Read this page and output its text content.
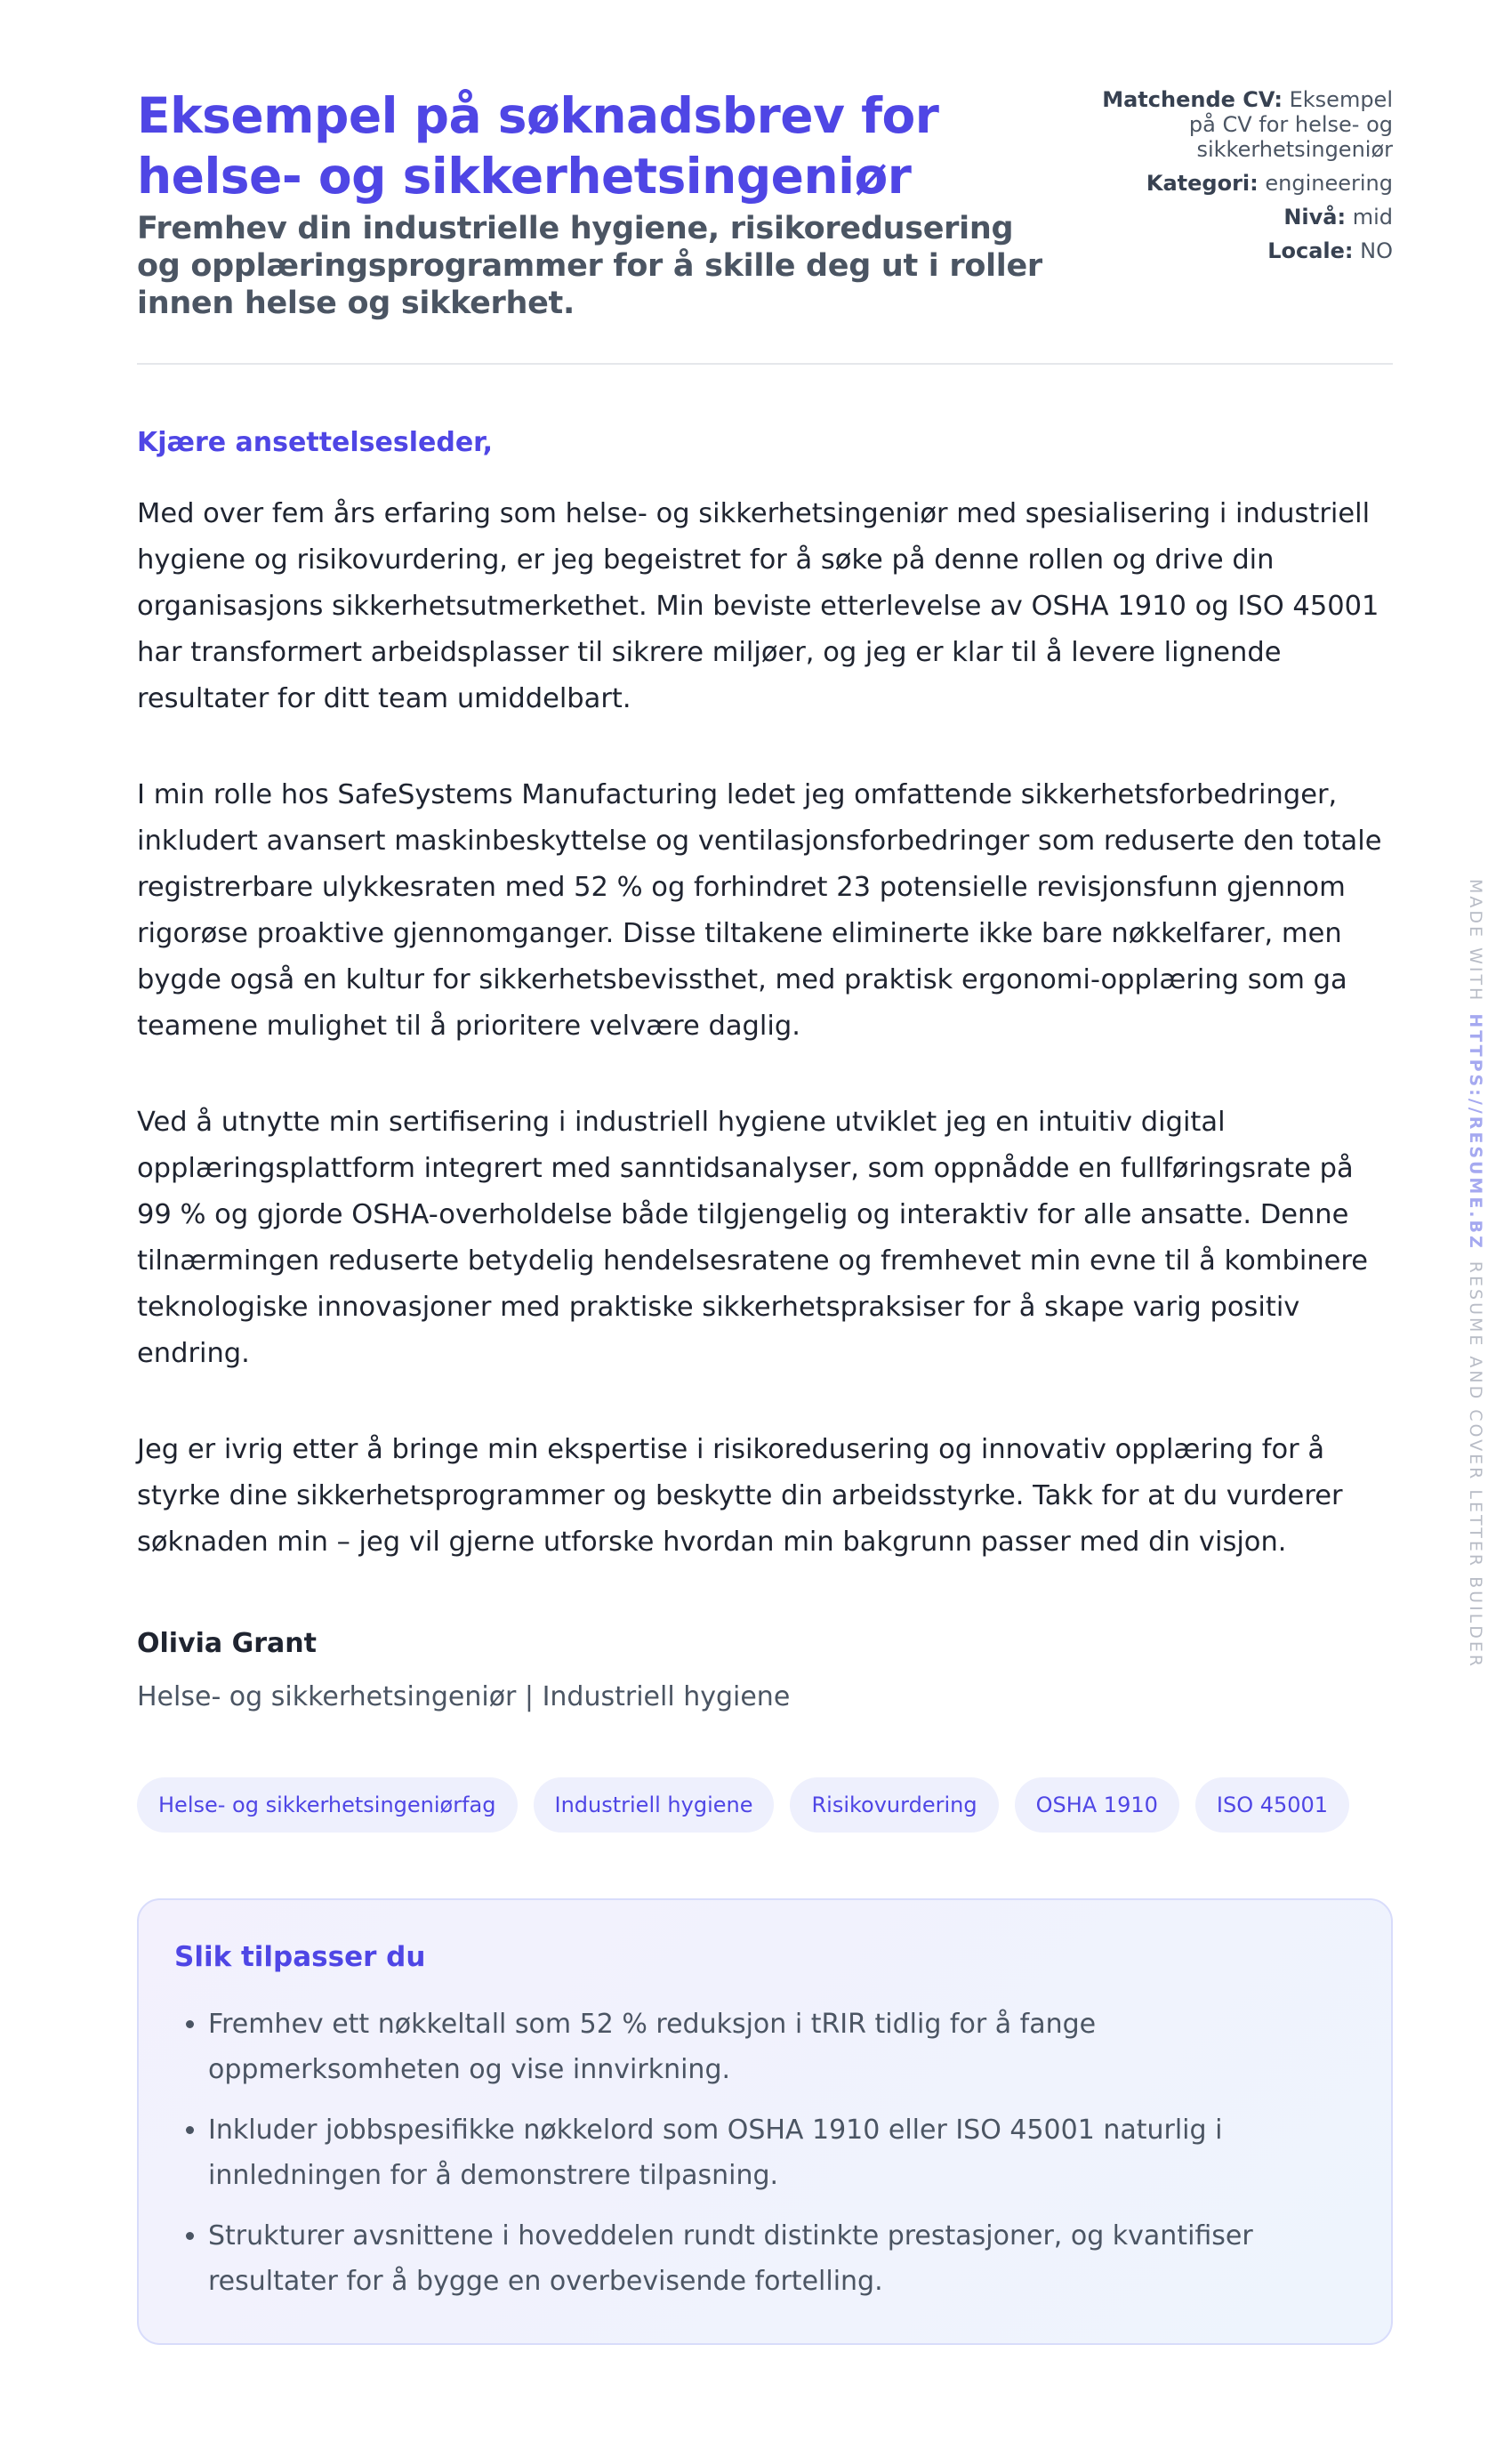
Eksempel på søknadsbrev for helse- og sikkerhetsingeniør
Fremhev din industrielle hygiene, risikoredusering og opplæringsprogrammer for å skille deg ut i roller innen helse og sikkerhet.
Matchende CV: Eksempel på CV for helse- og sikkerhetsingeniør
Kategori: engineering
Nivå: mid
Locale: NO
Kjære ansettelsesleder,

Med over fem års erfaring som helse- og sikkerhetsingeniør med spesialisering i industriell hygiene og risikovurdering, er jeg begeistret for å søke på denne rollen og drive din organisasjons sikkerhetsutmerkethet. Min beviste etterlevelse av OSHA 1910 og ISO 45001 har transformert arbeidsplasser til sikrere miljøer, og jeg er klar til å levere lignende resultater for ditt team umiddelbart.

I min rolle hos SafeSystems Manufacturing ledet jeg omfattende sikkerhetsforbedringer, inkludert avansert maskinbeskyttelse og ventilasjonsforbedringer som reduserte den totale registrerbare ulykkesraten med 52 % og forhindret 23 potensielle revisjonsfunn gjennom rigorøse proaktive gjennomganger. Disse tiltakene eliminerte ikke bare nøkkelfarer, men bygde også en kultur for sikkerhetsbevissthet, med praktisk ergonomi-opplæring som ga teamene mulighet til å prioritere velvære daglig.

Ved å utnytte min sertifisering i industriell hygiene utviklet jeg en intuitiv digital opplæringsplattform integrert med sanntidsanalyser, som oppnådde en fullføringsrate på 99 % og gjorde OSHA-overholdelse både tilgjengelig og interaktiv for alle ansatte. Denne tilnærmingen reduserte betydelig hendelsesratene og fremhevet min evne til å kombinere teknologiske innovasjoner med praktiske sikkerhetspraksiser for å skape varig positiv endring.

Jeg er ivrig etter å bringe min ekspertise i risikoredusering og innovativ opplæring for å styrke dine sikkerhetsprogrammer og beskytte din arbeidsstyrke. Takk for at du vurderer søknaden min – jeg vil gjerne utforske hvordan min bakgrunn passer med din visjon.

Olivia Grant
Helse- og sikkerhetsingeniør | Industriell hygiene
Helse- og sikkerhetsingeniørfag	Industriell hygiene	Risikovurdering	OSHA 1910	ISO 45001
Slik tilpasser du
• Fremhev ett nøkkeltall som 52 % reduksjon i tRIR tidlig for å fange oppmerksomheten og vise innvirkning.
• Inkluder jobbspesifikke nøkkelord som OSHA 1910 eller ISO 45001 naturlig i innledningen for å demonstrere tilpasning.
• Strukturer avsnittene i hoveddelen rundt distinkte prestasjoner, og kvantifiser resultater for å bygge en overbevisende fortelling.
MADE WITHHTTPS://RESUME.BZRESUME AND COVER LETTER BUILDER
